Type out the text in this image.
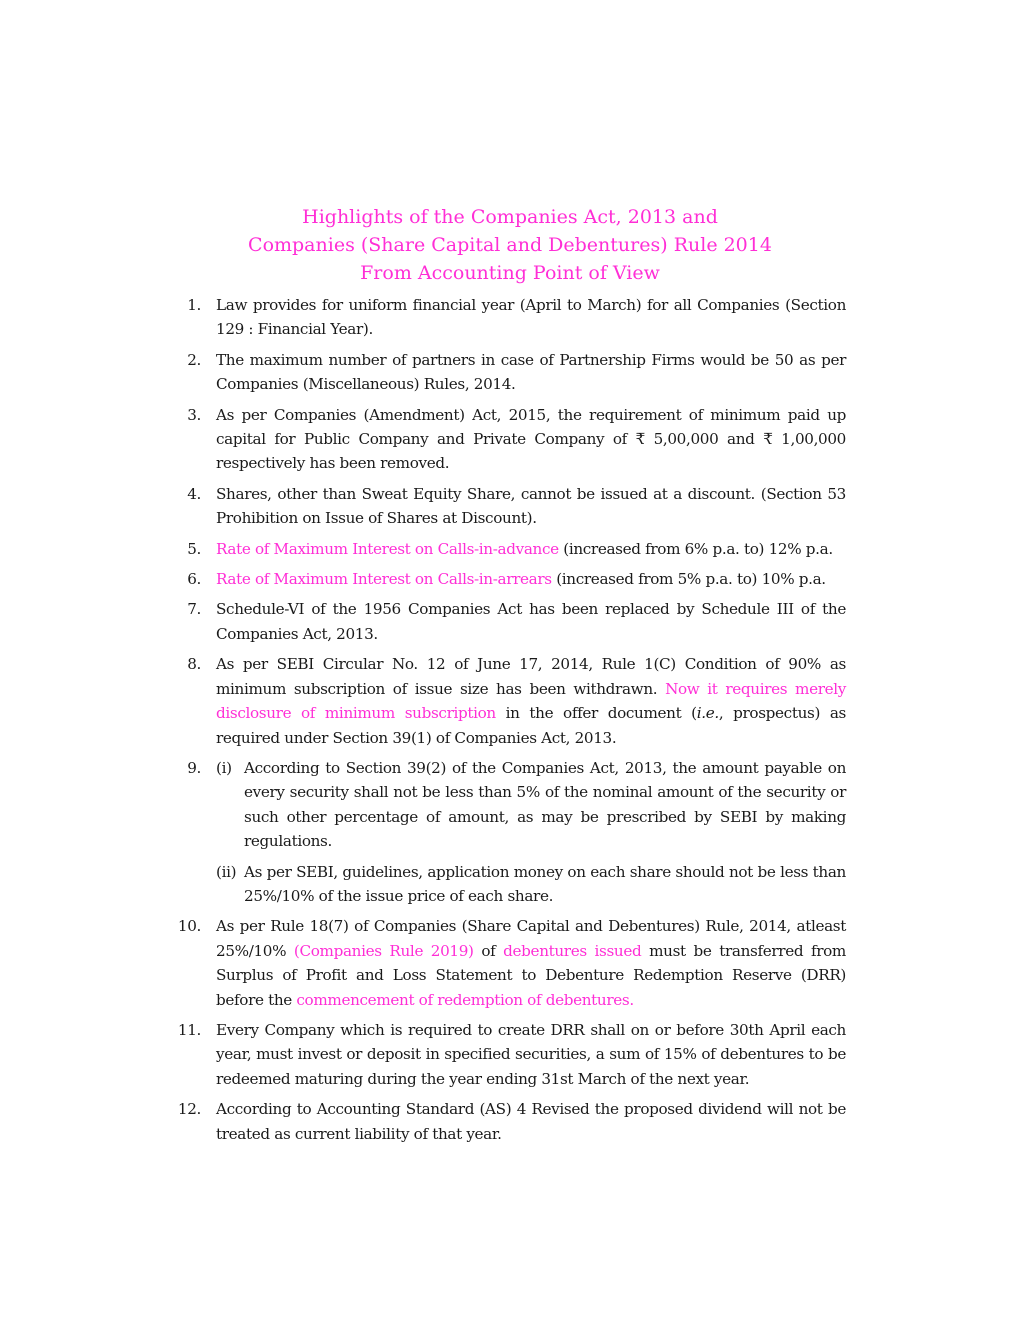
Highlights of the Companies Act, 2013 and
Companies (Share Capital and Debentures) Rule 2014
From Accounting Point of View
1. Law provides for uniform financial year (April to March) for all Companies (Section 129 : Financial Year).
2. The maximum number of partners in case of Partnership Firms would be 50 as per Companies (Miscellaneous) Rules, 2014.
3. As per Companies (Amendment) Act, 2015, the requirement of minimum paid up capital for Public Company and Private Company of ₹ 5,00,000 and ₹ 1,00,000 respectively has been removed.
4. Shares, other than Sweat Equity Share, cannot be issued at a discount. (Section 53 Prohibition on Issue of Shares at Discount).
5. Rate of Maximum Interest on Calls-in-advance (increased from 6% p.a. to) 12% p.a.
6. Rate of Maximum Interest on Calls-in-arrears (increased from 5% p.a. to) 10% p.a.
7. Schedule-VI of the 1956 Companies Act has been replaced by Schedule III of the Companies Act, 2013.
8. As per SEBI Circular No. 12 of June 17, 2014, Rule 1(C) Condition of 90% as minimum subscription of issue size has been withdrawn. Now it requires merely disclosure of minimum subscription in the offer document (i.e., prospectus) as required under Section 39(1) of Companies Act, 2013.
9. (i) According to Section 39(2) of the Companies Act, 2013, the amount payable on every security shall not be less than 5% of the nominal amount of the security or such other percentage of amount, as may be prescribed by SEBI by making regulations.
(ii) As per SEBI, guidelines, application money on each share should not be less than 25%/10% of the issue price of each share.
10. As per Rule 18(7) of Companies (Share Capital and Debentures) Rule, 2014, atleast 25%/10% (Companies Rule 2019) of debentures issued must be transferred from Surplus of Profit and Loss Statement to Debenture Redemption Reserve (DRR) before the commencement of redemption of debentures.
11. Every Company which is required to create DRR shall on or before 30th April each year, must invest or deposit in specified securities, a sum of 15% of debentures to be redeemed maturing during the year ending 31st March of the next year.
12. According to Accounting Standard (AS) 4 Revised the proposed dividend will not be treated as current liability of that year.
